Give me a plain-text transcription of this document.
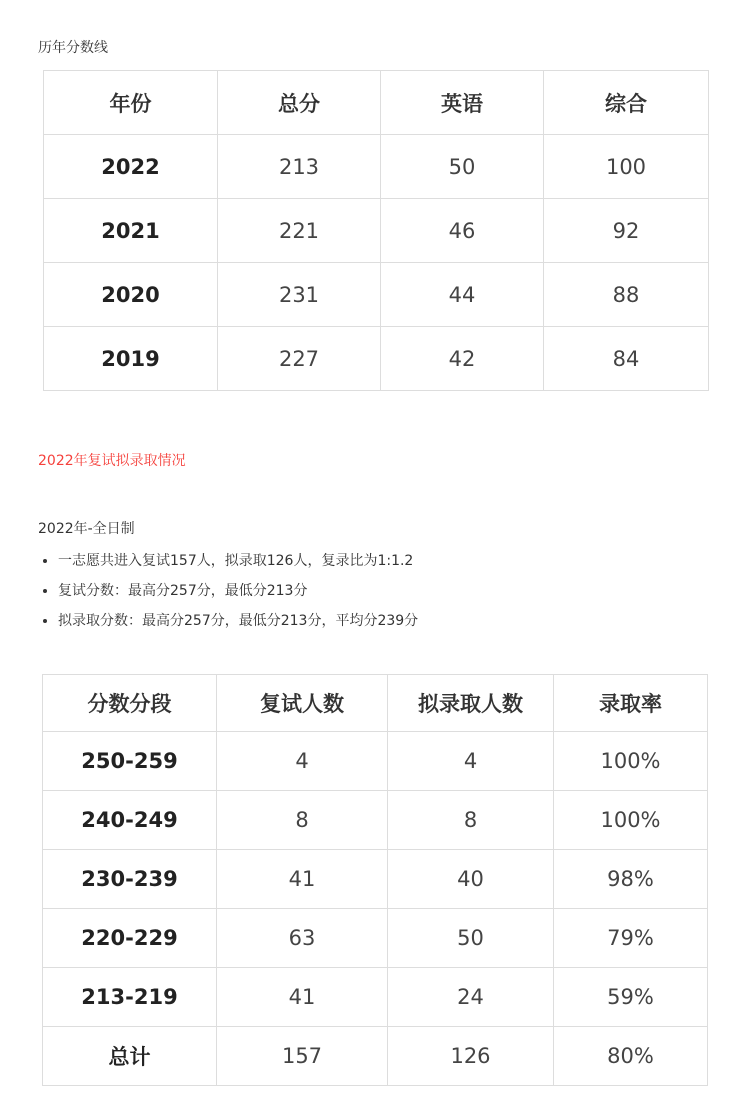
历年分数线
年份	总分	英语	综合
2022	213	50	100
2021	221	46	92
2020	231	44	88
2019	227	42	84
2022年复试拟录取情况
2022年-全日制
• 一志愿共进入复试157人，拟录取126人，复录比为1:1.2
• 复试分数：最高分257分，最低分213分
• 拟录取分数：最高分257分，最低分213分，平均分239分
分数分段	复试人数	拟录取人数	录取率
250-259	4	4	100%
240-249	8	8	100%
230-239	41	40	98%
220-229	63	50	79%
213-219	41	24	59%
总计	157	126	80%
